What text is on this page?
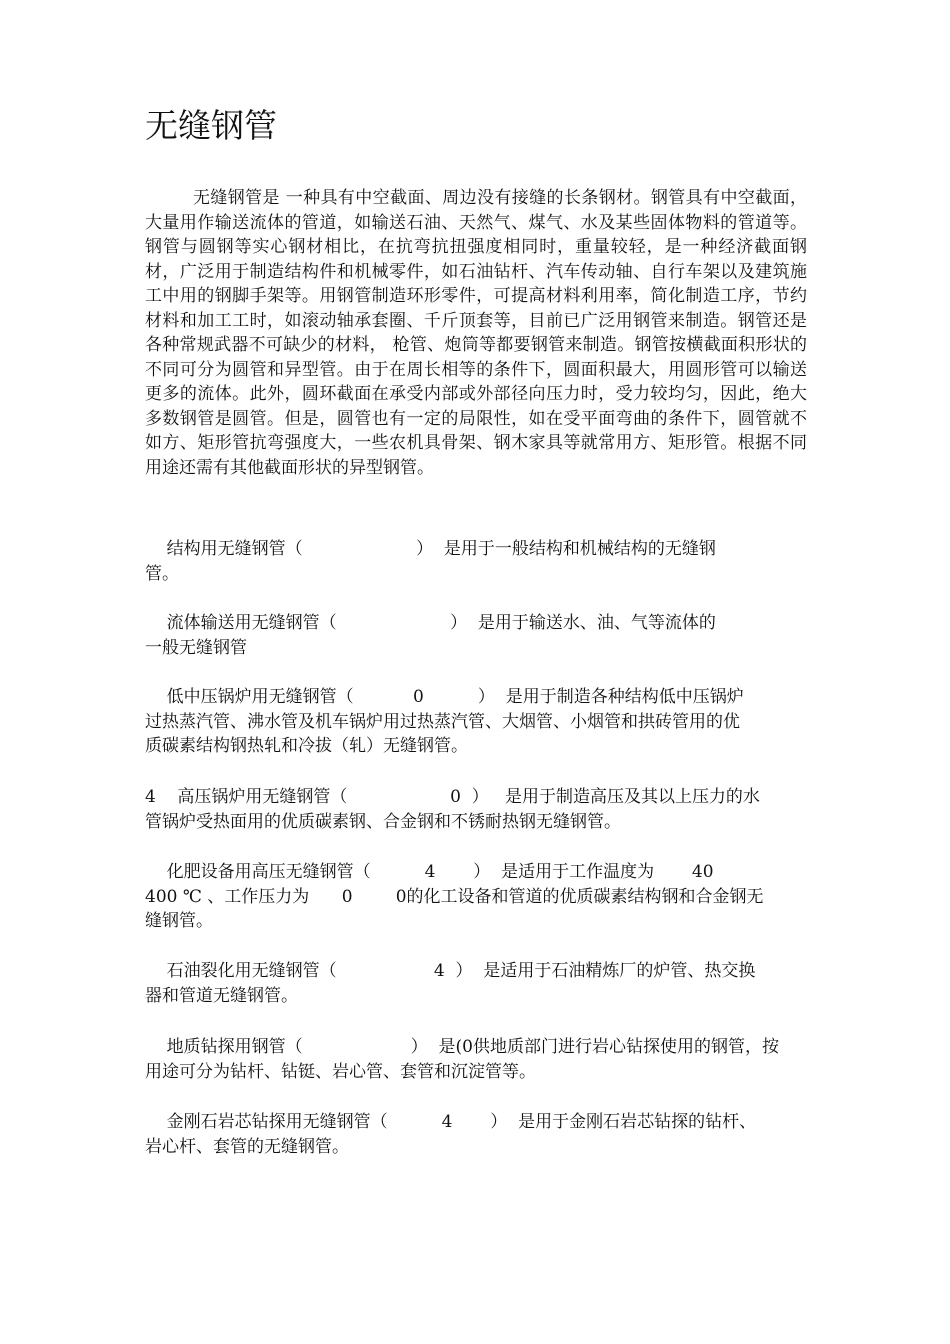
无缝钢管

无缝钢管是 一种具有中空截面、周边没有接缝的长条钢材。钢管具有中空截面，大量用作输送流体的管道，如输送石油、天然气、煤气、水及某些固体物料的管道等。钢管与圆钢等实心钢材相比，在抗弯抗扭强度相同时，重量较轻，是一种经济截面钢材，广泛用于制造结构件和机械零件，如石油钻杆、汽车传动轴、自行车架以及建筑施工中用的钢脚手架等。用钢管制造环形零件，可提高材料利用率，简化制造工序，节约材料和加工工时，如滚动轴承套圈、千斤顶套等，目前已广泛用钢管来制造。钢管还是各种常规武器不可缺少的材料， 枪管、炮筒等都要钢管来制造。钢管按横截面积形状的不同可分为圆管和异型管。由于在周长相等的条件下，圆面积最大，用圆形管可以输送更多的流体。此外，圆环截面在承受内部或外部径向压力时，受力较均匀，因此，绝大多数钢管是圆管。但是，圆管也有一定的局限性，如在受平面弯曲的条件下，圆管就不如方、矩形管抗弯强度大，一些农机具骨架、钢木家具等就常用方、矩形管。根据不同用途还需有其他截面形状的异型钢管。

结构用无缝钢管（                     ）  是用于一般结构和机械结构的无缝钢
管。

流体输送用无缝钢管（                     ）  是用于输送水、油、气等流体的
一般无缝钢管

低中压锅炉用无缝钢管（           0          ）  是用于制造各种结构低中压锅炉
过热蒸汽管、沸水管及机车锅炉用过热蒸汽管、大烟管、小烟管和拱砖管用的优
质碳素结构钢热轧和冷拔（轧）无缝钢管。

4    高压锅炉用无缝钢管（                   0  ）   是用于制造高压及其以上压力的水
管锅炉受热面用的优质碳素钢、合金钢和不锈耐热钢无缝钢管。

化肥设备用高压无缝钢管（          4       ）  是适用于工作温度为       40
400 ℃ 、工作压力为      0        0的化工设备和管道的优质碳素结构钢和合金钢无
缝钢管。

石油裂化用无缝钢管（                  4  ）  是适用于石油精炼厂的炉管、热交换
器和管道无缝钢管。

地质钻探用钢管（                    ）  是(0供地质部门进行岩心钻探使用的钢管，按
用途可分为钻杆、钻铤、岩心管、套管和沉淀管等。

金刚石岩芯钻探用无缝钢管（          4       ）  是用于金刚石岩芯钻探的钻杆、
岩心杆、套管的无缝钢管。
